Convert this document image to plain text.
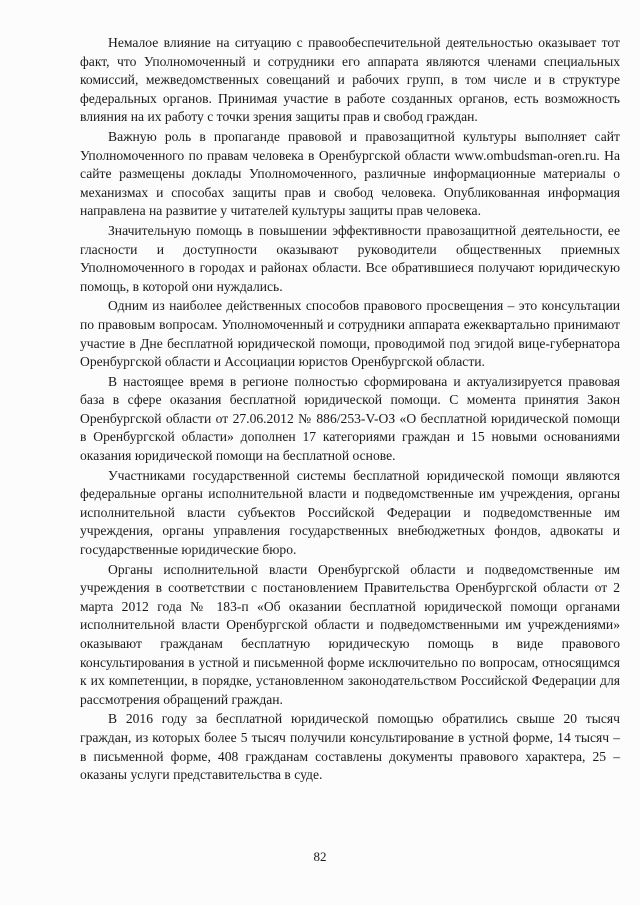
Немалое влияние на ситуацию с правообеспечительной деятельностью оказывает тот факт, что Уполномоченный и сотрудники его аппарата являются членами специальных комиссий, межведомственных совещаний и рабочих групп, в том числе и в структуре федеральных органов. Принимая участие в работе созданных органов, есть возможность влияния на их работу с точки зрения защиты прав и свобод граждан.

Важную роль в пропаганде правовой и правозащитной культуры выполняет сайт Уполномоченного по правам человека в Оренбургской области www.ombudsman-oren.ru. На сайте размещены доклады Уполномоченного, различные информационные материалы о механизмах и способах защиты прав и свобод человека. Опубликованная информация направлена на развитие у читателей культуры защиты прав человека.

Значительную помощь в повышении эффективности правозащитной деятельности, ее гласности и доступности оказывают руководители общественных приемных Уполномоченного в городах и районах области. Все обратившиеся получают юридическую помощь, в которой они нуждались.

Одним из наиболее действенных способов правового просвещения – это консультации по правовым вопросам. Уполномоченный и сотрудники аппарата ежеквартально принимают участие в Дне бесплатной юридической помощи, проводимой под эгидой вице-губернатора Оренбургской области и Ассоциации юристов Оренбургской области.

В настоящее время в регионе полностью сформирована и актуализируется правовая база в сфере оказания бесплатной юридической помощи. С момента принятия Закон Оренбургской области от 27.06.2012 № 886/253-V-ОЗ «О бесплатной юридической помощи в Оренбургской области» дополнен 17 категориями граждан и 15 новыми основаниями оказания юридической помощи на бесплатной основе.

Участниками государственной системы бесплатной юридической помощи являются федеральные органы исполнительной власти и подведомственные им учреждения, органы исполнительной власти субъектов Российской Федерации и подведомственные им учреждения, органы управления государственных внебюджетных фондов, адвокаты и государственные юридические бюро.

Органы исполнительной власти Оренбургской области и подведомственные им учреждения в соответствии с постановлением Правительства Оренбургской области от 2 марта 2012 года № 183-п «Об оказании бесплатной юридической помощи органами исполнительной власти Оренбургской области и подведомственными им учреждениями» оказывают гражданам бесплатную юридическую помощь в виде правового консультирования в устной и письменной форме исключительно по вопросам, относящимся к их компетенции, в порядке, установленном законодательством Российской Федерации для рассмотрения обращений граждан.

В 2016 году за бесплатной юридической помощью обратились свыше 20 тысяч граждан, из которых более 5 тысяч получили консультирование в устной форме, 14 тысяч – в письменной форме, 408 гражданам составлены документы правового характера, 25 – оказаны услуги представительства в суде.

82
